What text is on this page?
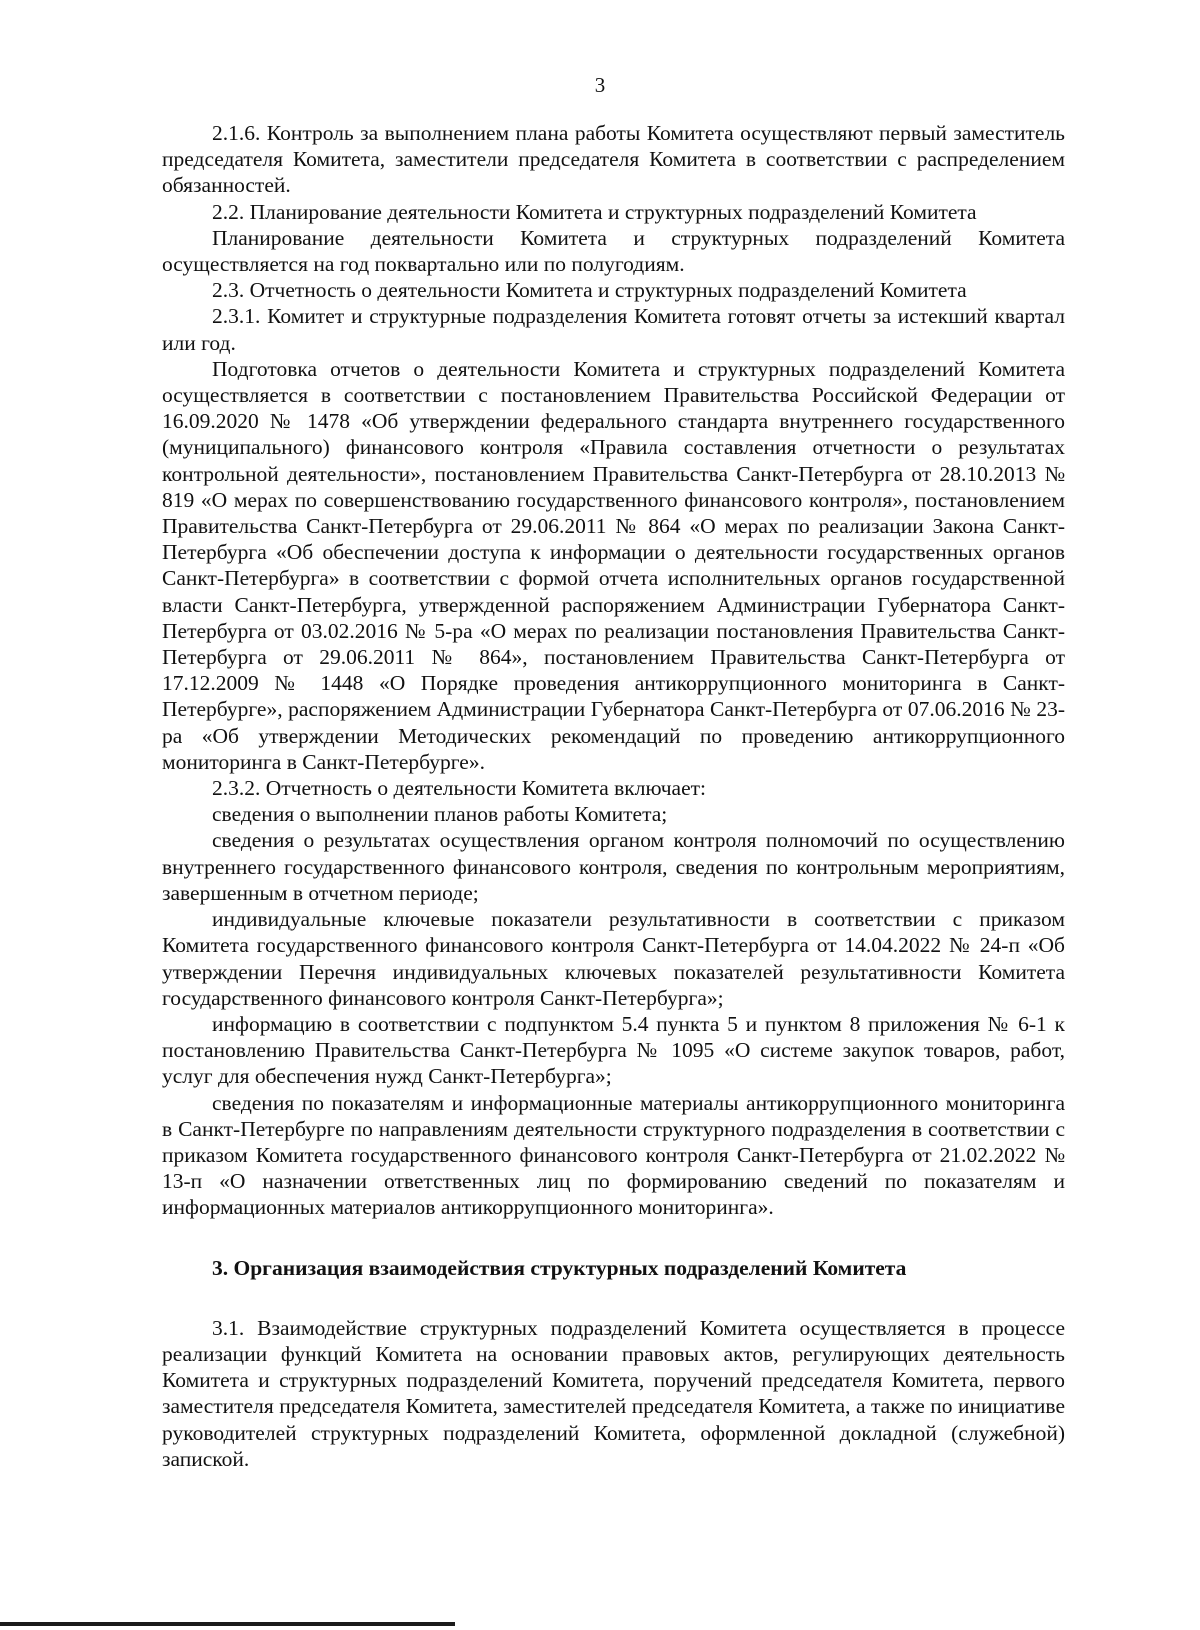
3

2.1.6. Контроль за выполнением плана работы Комитета осуществляют первый заместитель председателя Комитета, заместители председателя Комитета в соответствии с распределением обязанностей.

2.2. Планирование деятельности Комитета и структурных подразделений Комитета

Планирование деятельности Комитета и структурных подразделений Комитета осуществляется на год поквартально или по полугодиям.

2.3. Отчетность о деятельности Комитета и структурных подразделений Комитета

2.3.1. Комитет и структурные подразделения Комитета готовят отчеты за истекший квартал или год.

Подготовка отчетов о деятельности Комитета и структурных подразделений Комитета осуществляется в соответствии с постановлением Правительства Российской Федерации от 16.09.2020 № 1478 «Об утверждении федерального стандарта внутреннего государственного (муниципального) финансового контроля «Правила составления отчетности о результатах контрольной деятельности», постановлением Правительства Санкт-Петербурга от 28.10.2013 № 819 «О мерах по совершенствованию государственного финансового контроля», постановлением Правительства Санкт-Петербурга от 29.06.2011 № 864 «О мерах по реализации Закона Санкт-Петербурга «Об обеспечении доступа к информации о деятельности государственных органов Санкт-Петербурга» в соответствии с формой отчета исполнительных органов государственной власти Санкт-Петербурга, утвержденной распоряжением Администрации Губернатора Санкт-Петербурга от 03.02.2016 № 5-ра «О мерах по реализации постановления Правительства Санкт-Петербурга от 29.06.2011 № 864», постановлением Правительства Санкт-Петербурга от 17.12.2009 № 1448 «О Порядке проведения антикоррупционного мониторинга в Санкт-Петербурге», распоряжением Администрации Губернатора Санкт-Петербурга от 07.06.2016 № 23-ра «Об утверждении Методических рекомендаций по проведению антикоррупционного мониторинга в Санкт-Петербурге».

2.3.2. Отчетность о деятельности Комитета включает:

сведения о выполнении планов работы Комитета;

сведения о результатах осуществления органом контроля полномочий по осуществлению внутреннего государственного финансового контроля, сведения по контрольным мероприятиям, завершенным в отчетном периоде;

индивидуальные ключевые показатели результативности в соответствии с приказом Комитета государственного финансового контроля Санкт-Петербурга от 14.04.2022 № 24-п «Об утверждении Перечня индивидуальных ключевых показателей результативности Комитета государственного финансового контроля Санкт-Петербурга»;

информацию в соответствии с подпунктом 5.4 пункта 5 и пунктом 8 приложения № 6-1 к постановлению Правительства Санкт-Петербурга № 1095 «О системе закупок товаров, работ, услуг для обеспечения нужд Санкт-Петербурга»;

сведения по показателям и информационные материалы антикоррупционного мониторинга в Санкт-Петербурге по направлениям деятельности структурного подразделения в соответствии с приказом Комитета государственного финансового контроля Санкт-Петербурга от 21.02.2022 № 13-п «О назначении ответственных лиц по формированию сведений по показателям и информационных материалов антикоррупционного мониторинга».

3. Организация взаимодействия структурных подразделений Комитета

3.1. Взаимодействие структурных подразделений Комитета осуществляется в процессе реализации функций Комитета на основании правовых актов, регулирующих деятельность Комитета и структурных подразделений Комитета, поручений председателя Комитета, первого заместителя председателя Комитета, заместителей председателя Комитета, а также по инициативе руководителей структурных подразделений Комитета, оформленной докладной (служебной) запиской.
